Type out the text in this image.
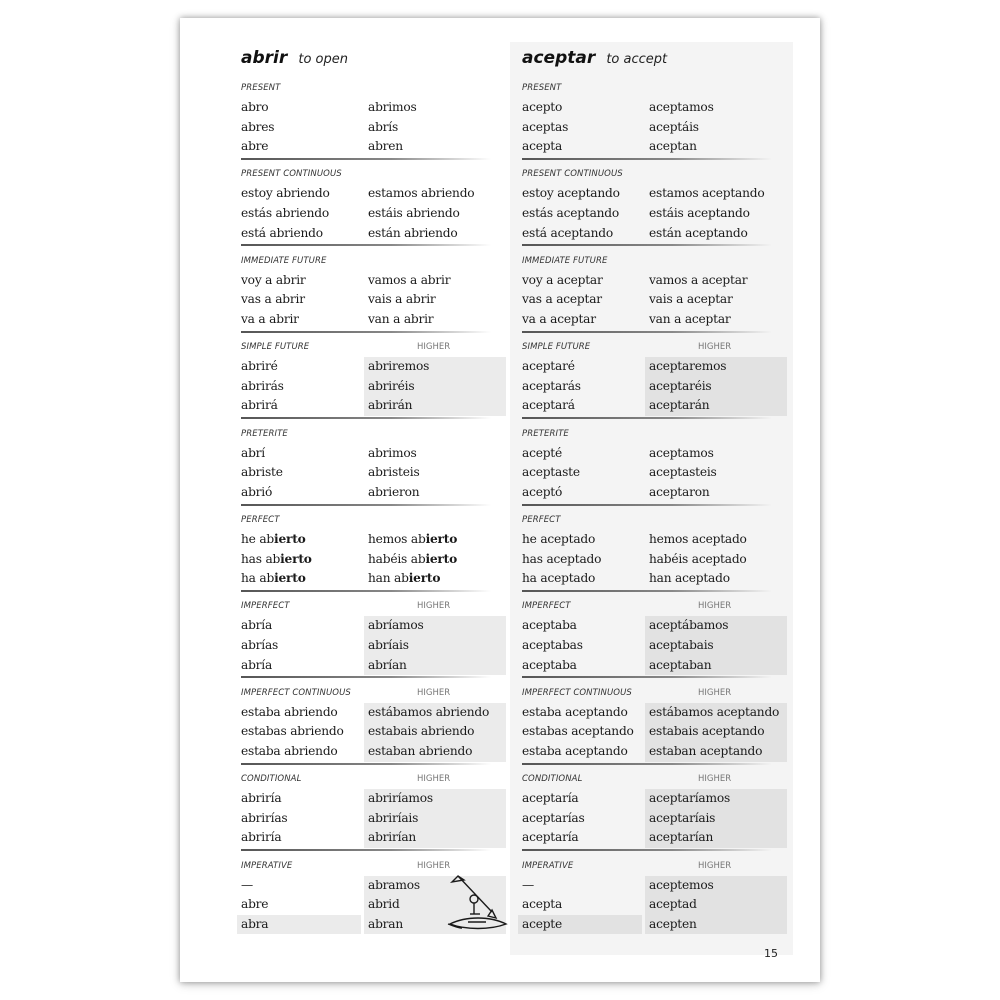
abrir to open
PRESENT
abro	abrimos
abres	abrís
abre	abren
PRESENT CONTINUOUS
estoy abriendo	estamos abriendo
estás abriendo	estáis abriendo
está abriendo	están abriendo
IMMEDIATE FUTURE
voy a abrir	vamos a abrir
vas a abrir	vais a abrir
va a abrir	van a abrir
SIMPLE FUTURE	HIGHER
abriré	abriremos
abrirás	abriréis
abrirá	abrirán
PRETERITE
abrí	abrimos
abriste	abristeis
abrió	abrieron
PERFECT
he abierto	hemos abierto
has abierto	habéis abierto
ha abierto	han abierto
IMPERFECT	HIGHER
abría	abríamos
abrías	abríais
abría	abrían
IMPERFECT CONTINUOUS	HIGHER
estaba abriendo	estábamos abriendo
estabas abriendo	estabais abriendo
estaba abriendo	estaban abriendo
CONDITIONAL	HIGHER
abriría	abriríamos
abrirías	abriríais
abriría	abrirían
IMPERATIVE	HIGHER
—	abramos
abre	abrid
abra	abran
aceptar to accept
PRESENT
acepto	aceptamos
aceptas	aceptáis
acepta	aceptan
PRESENT CONTINUOUS
estoy aceptando	estamos aceptando
estás aceptando	estáis aceptando
está aceptando	están aceptando
IMMEDIATE FUTURE
voy a aceptar	vamos a aceptar
vas a aceptar	vais a aceptar
va a aceptar	van a aceptar
SIMPLE FUTURE	HIGHER
aceptaré	aceptaremos
aceptarás	aceptaréis
aceptará	aceptarán
PRETERITE
acepté	aceptamos
aceptaste	aceptasteis
aceptó	aceptaron
PERFECT
he aceptado	hemos aceptado
has aceptado	habéis aceptado
ha aceptado	han aceptado
IMPERFECT	HIGHER
aceptaba	aceptábamos
aceptabas	aceptabais
aceptaba	aceptaban
IMPERFECT CONTINUOUS	HIGHER
estaba aceptando	estábamos aceptando
estabas aceptando	estabais aceptando
estaba aceptando	estaban aceptando
CONDITIONAL	HIGHER
aceptaría	aceptaríamos
aceptarías	aceptaríais
aceptaría	aceptarían
IMPERATIVE	HIGHER
—	aceptemos
acepta	aceptad
acepte	acepten
15
